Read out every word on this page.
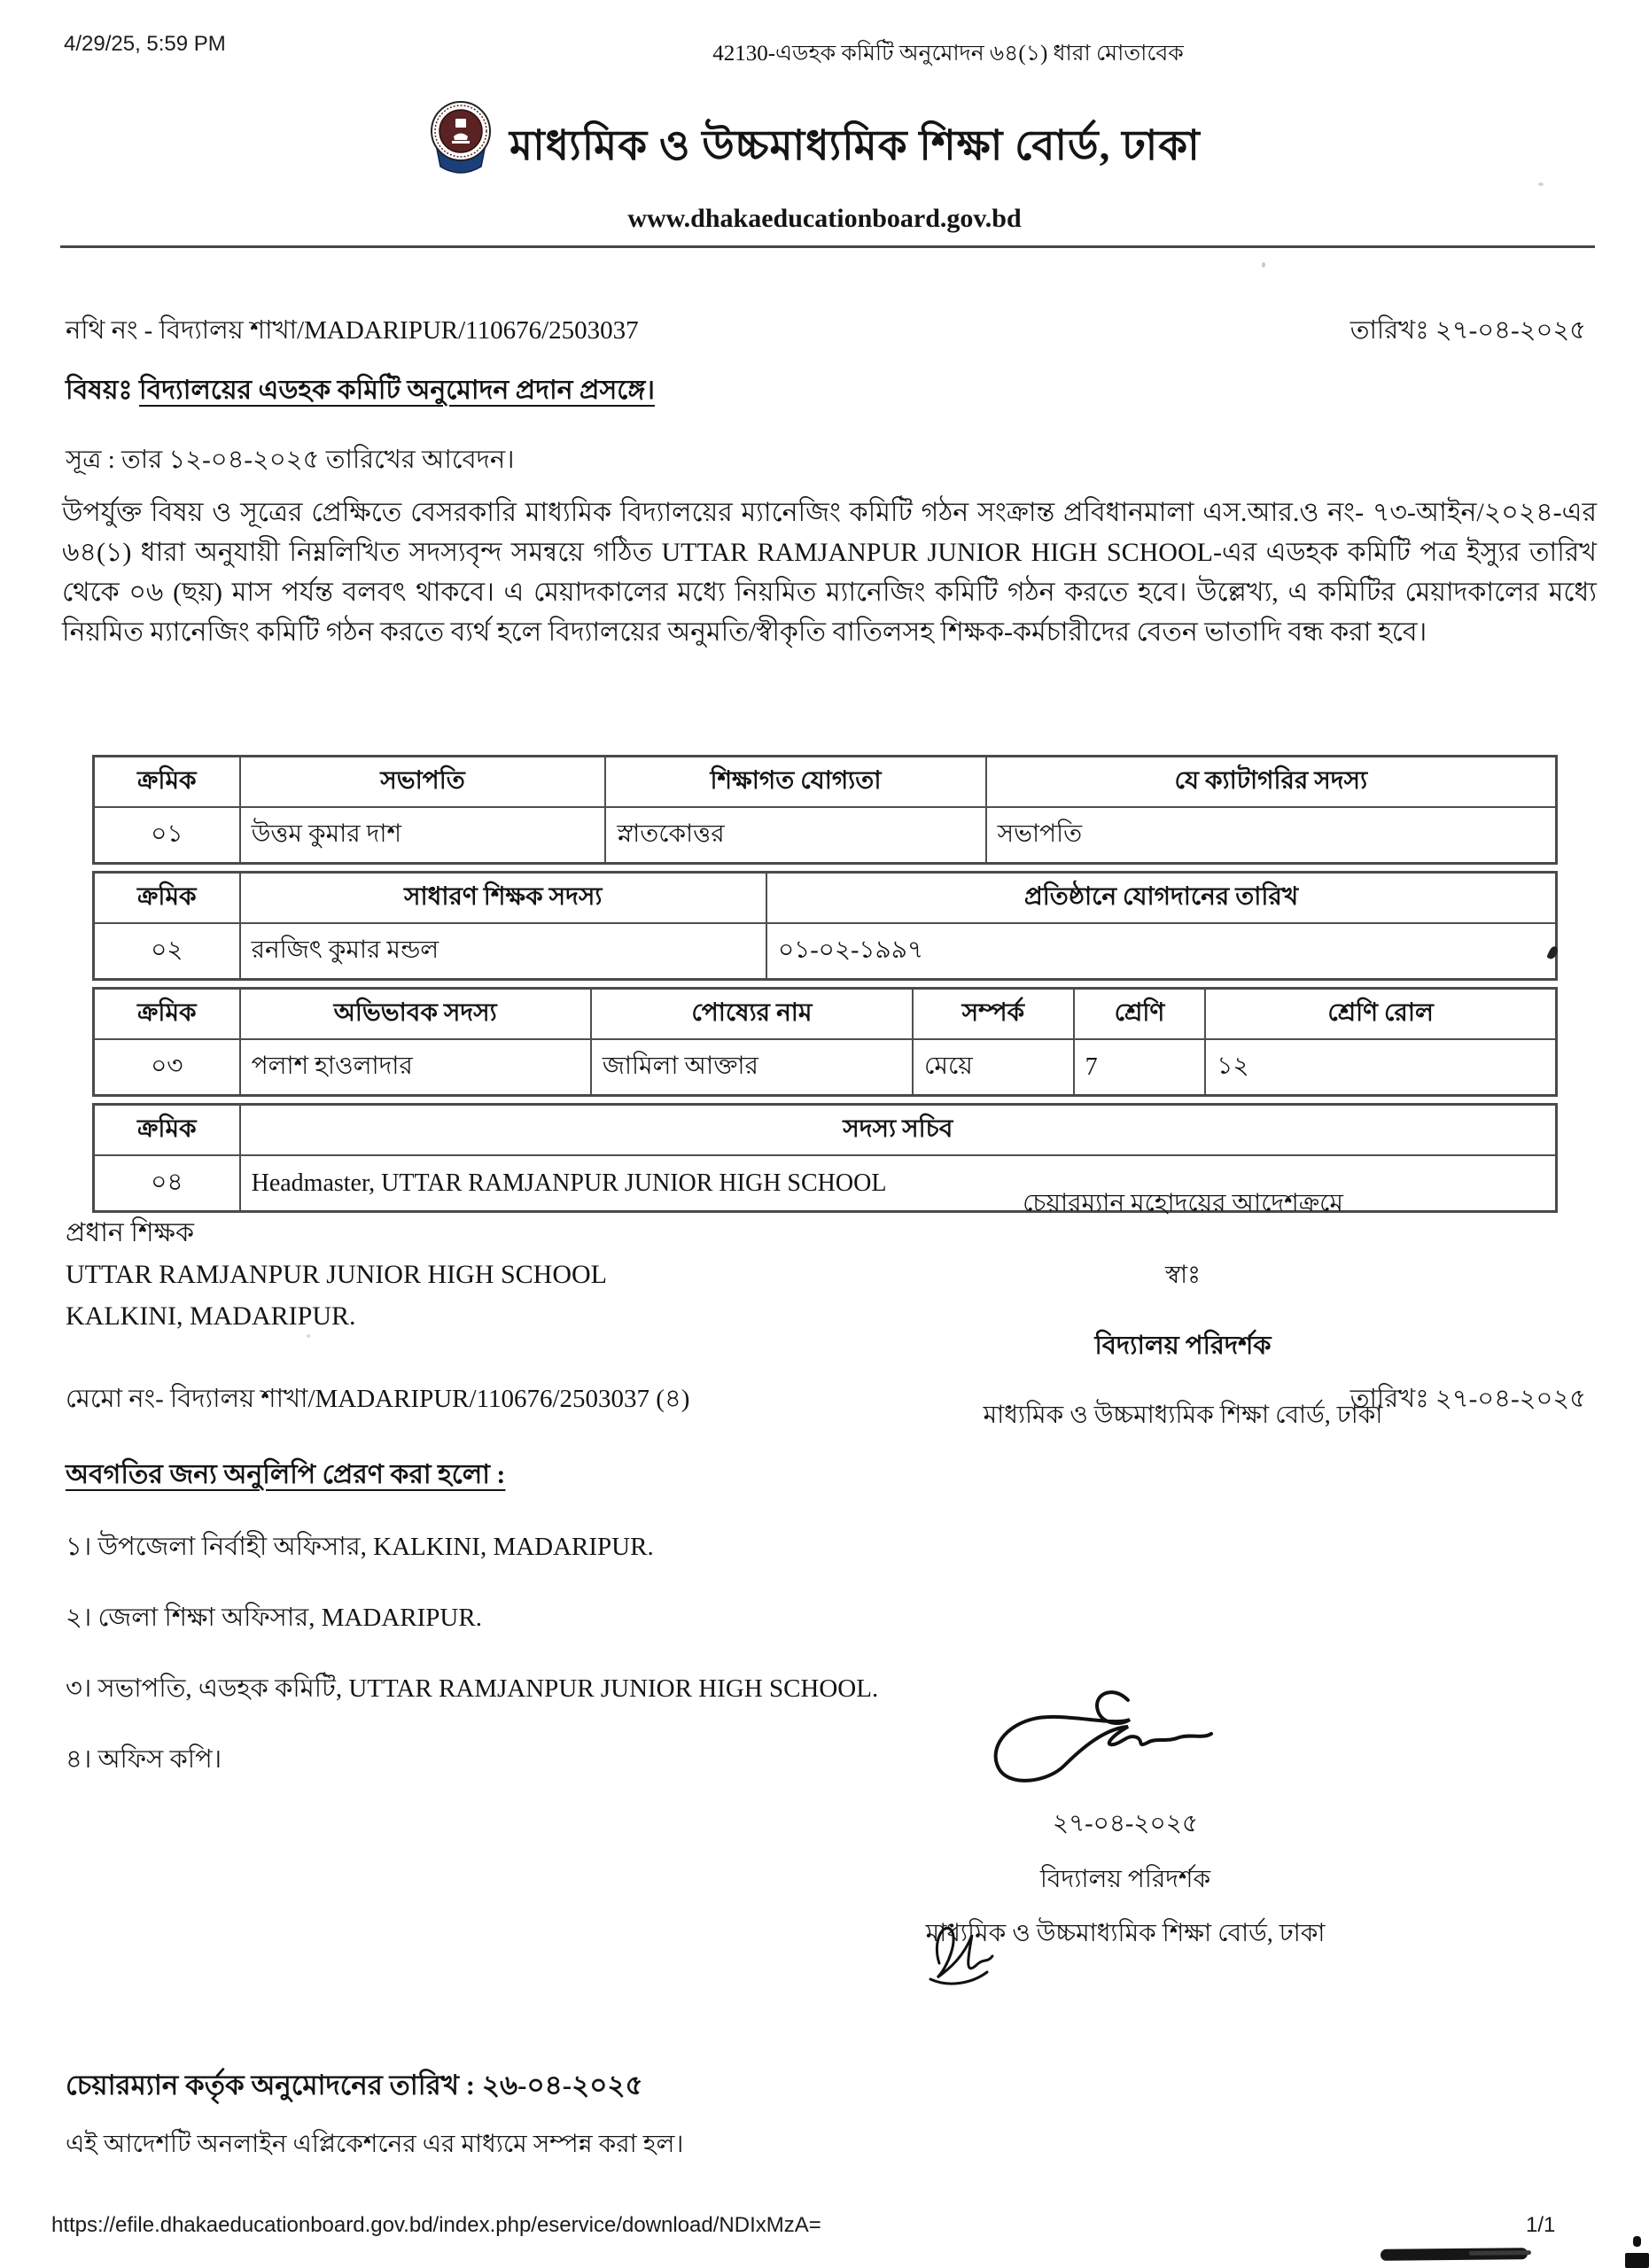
4/29/25, 5:59 PM	42130-এডহক কমিটি অনুমোদন ৬৪(১) ধারা মোতাবেক
মাধ্যমিক ও উচ্চমাধ্যমিক শিক্ষা বোর্ড, ঢাকা
www.dhakaeducationboard.gov.bd
নথি নং - বিদ্যালয় শাখা/MADARIPUR/110676/2503037	তারিখঃ ২৭-০৪-২০২৫
বিষয়ঃ বিদ্যালয়ের এডহক কমিটি অনুমোদন প্রদান প্রসঙ্গে।
সূত্র : তার ১২-০৪-২০২৫ তারিখের আবেদন।
উপর্যুক্ত বিষয় ও সূত্রের প্রেক্ষিতে বেসরকারি মাধ্যমিক বিদ্যালয়ের ম্যানেজিং কমিটি গঠন সংক্রান্ত প্রবিধানমালা এস.আর.ও নং- ৭৩-আইন/২০২৪-এর ৬৪(১) ধারা অনুযায়ী নিম্নলিখিত সদস্যবৃন্দ সমন্বয়ে গঠিত UTTAR RAMJANPUR JUNIOR HIGH SCHOOL-এর এডহক কমিটি পত্র ইস্যুর তারিখ থেকে ০৬ (ছয়) মাস পর্যন্ত বলবৎ থাকবে। এ মেয়াদকালের মধ্যে নিয়মিত ম্যানেজিং কমিটি গঠন করতে হবে। উল্লেখ্য, এ কমিটির মেয়াদকালের মধ্যে নিয়মিত ম্যানেজিং কমিটি গঠন করতে ব্যর্থ হলে বিদ্যালয়ের অনুমতি/স্বীকৃতি বাতিলসহ শিক্ষক-কর্মচারীদের বেতন ভাতাদি বন্ধ করা হবে।
ক্রমিক	সভাপতি	শিক্ষাগত যোগ্যতা	যে ক্যাটাগরির সদস্য
০১	উত্তম কুমার দাশ	স্নাতকোত্তর	সভাপতি
ক্রমিক	সাধারণ শিক্ষক সদস্য	প্রতিষ্ঠানে যোগদানের তারিখ
০২	রনজিৎ কুমার মন্ডল	০১-০২-১৯৯৭
ক্রমিক	অভিভাবক সদস্য	পোষ্যের নাম	সম্পর্ক	শ্রেণি	শ্রেণি রোল
০৩	পলাশ হাওলাদার	জামিলা আক্তার	মেয়ে	7	১২
ক্রমিক	সদস্য সচিব
০৪	Headmaster, UTTAR RAMJANPUR JUNIOR HIGH SCHOOL
চেয়ারম্যান মহোদয়ের আদেশক্রমে
স্বাঃ
বিদ্যালয় পরিদর্শক
মাধ্যমিক ও উচ্চমাধ্যমিক শিক্ষা বোর্ড, ঢাকা
প্রধান শিক্ষক
UTTAR RAMJANPUR JUNIOR HIGH SCHOOL
KALKINI, MADARIPUR.
মেমো নং- বিদ্যালয় শাখা/MADARIPUR/110676/2503037 (৪)	তারিখঃ ২৭-০৪-২০২৫
অবগতির জন্য অনুলিপি প্রেরণ করা হলো :
১। উপজেলা নির্বাহী অফিসার, KALKINI, MADARIPUR.
২। জেলা শিক্ষা অফিসার, MADARIPUR.
৩। সভাপতি, এডহক কমিটি, UTTAR RAMJANPUR JUNIOR HIGH SCHOOL.
৪। অফিস কপি।
২৭-০৪-২০২৫
বিদ্যালয় পরিদর্শক
মাধ্যমিক ও উচ্চমাধ্যমিক শিক্ষা বোর্ড, ঢাকা
চেয়ারম্যান কর্তৃক অনুমোদনের তারিখ : ২৬-০৪-২০২৫
এই আদেশটি অনলাইন এপ্লিকেশনের এর মাধ্যমে সম্পন্ন করা হল।
https://efile.dhakaeducationboard.gov.bd/index.php/eservice/download/NDIxMzA=	1/1
